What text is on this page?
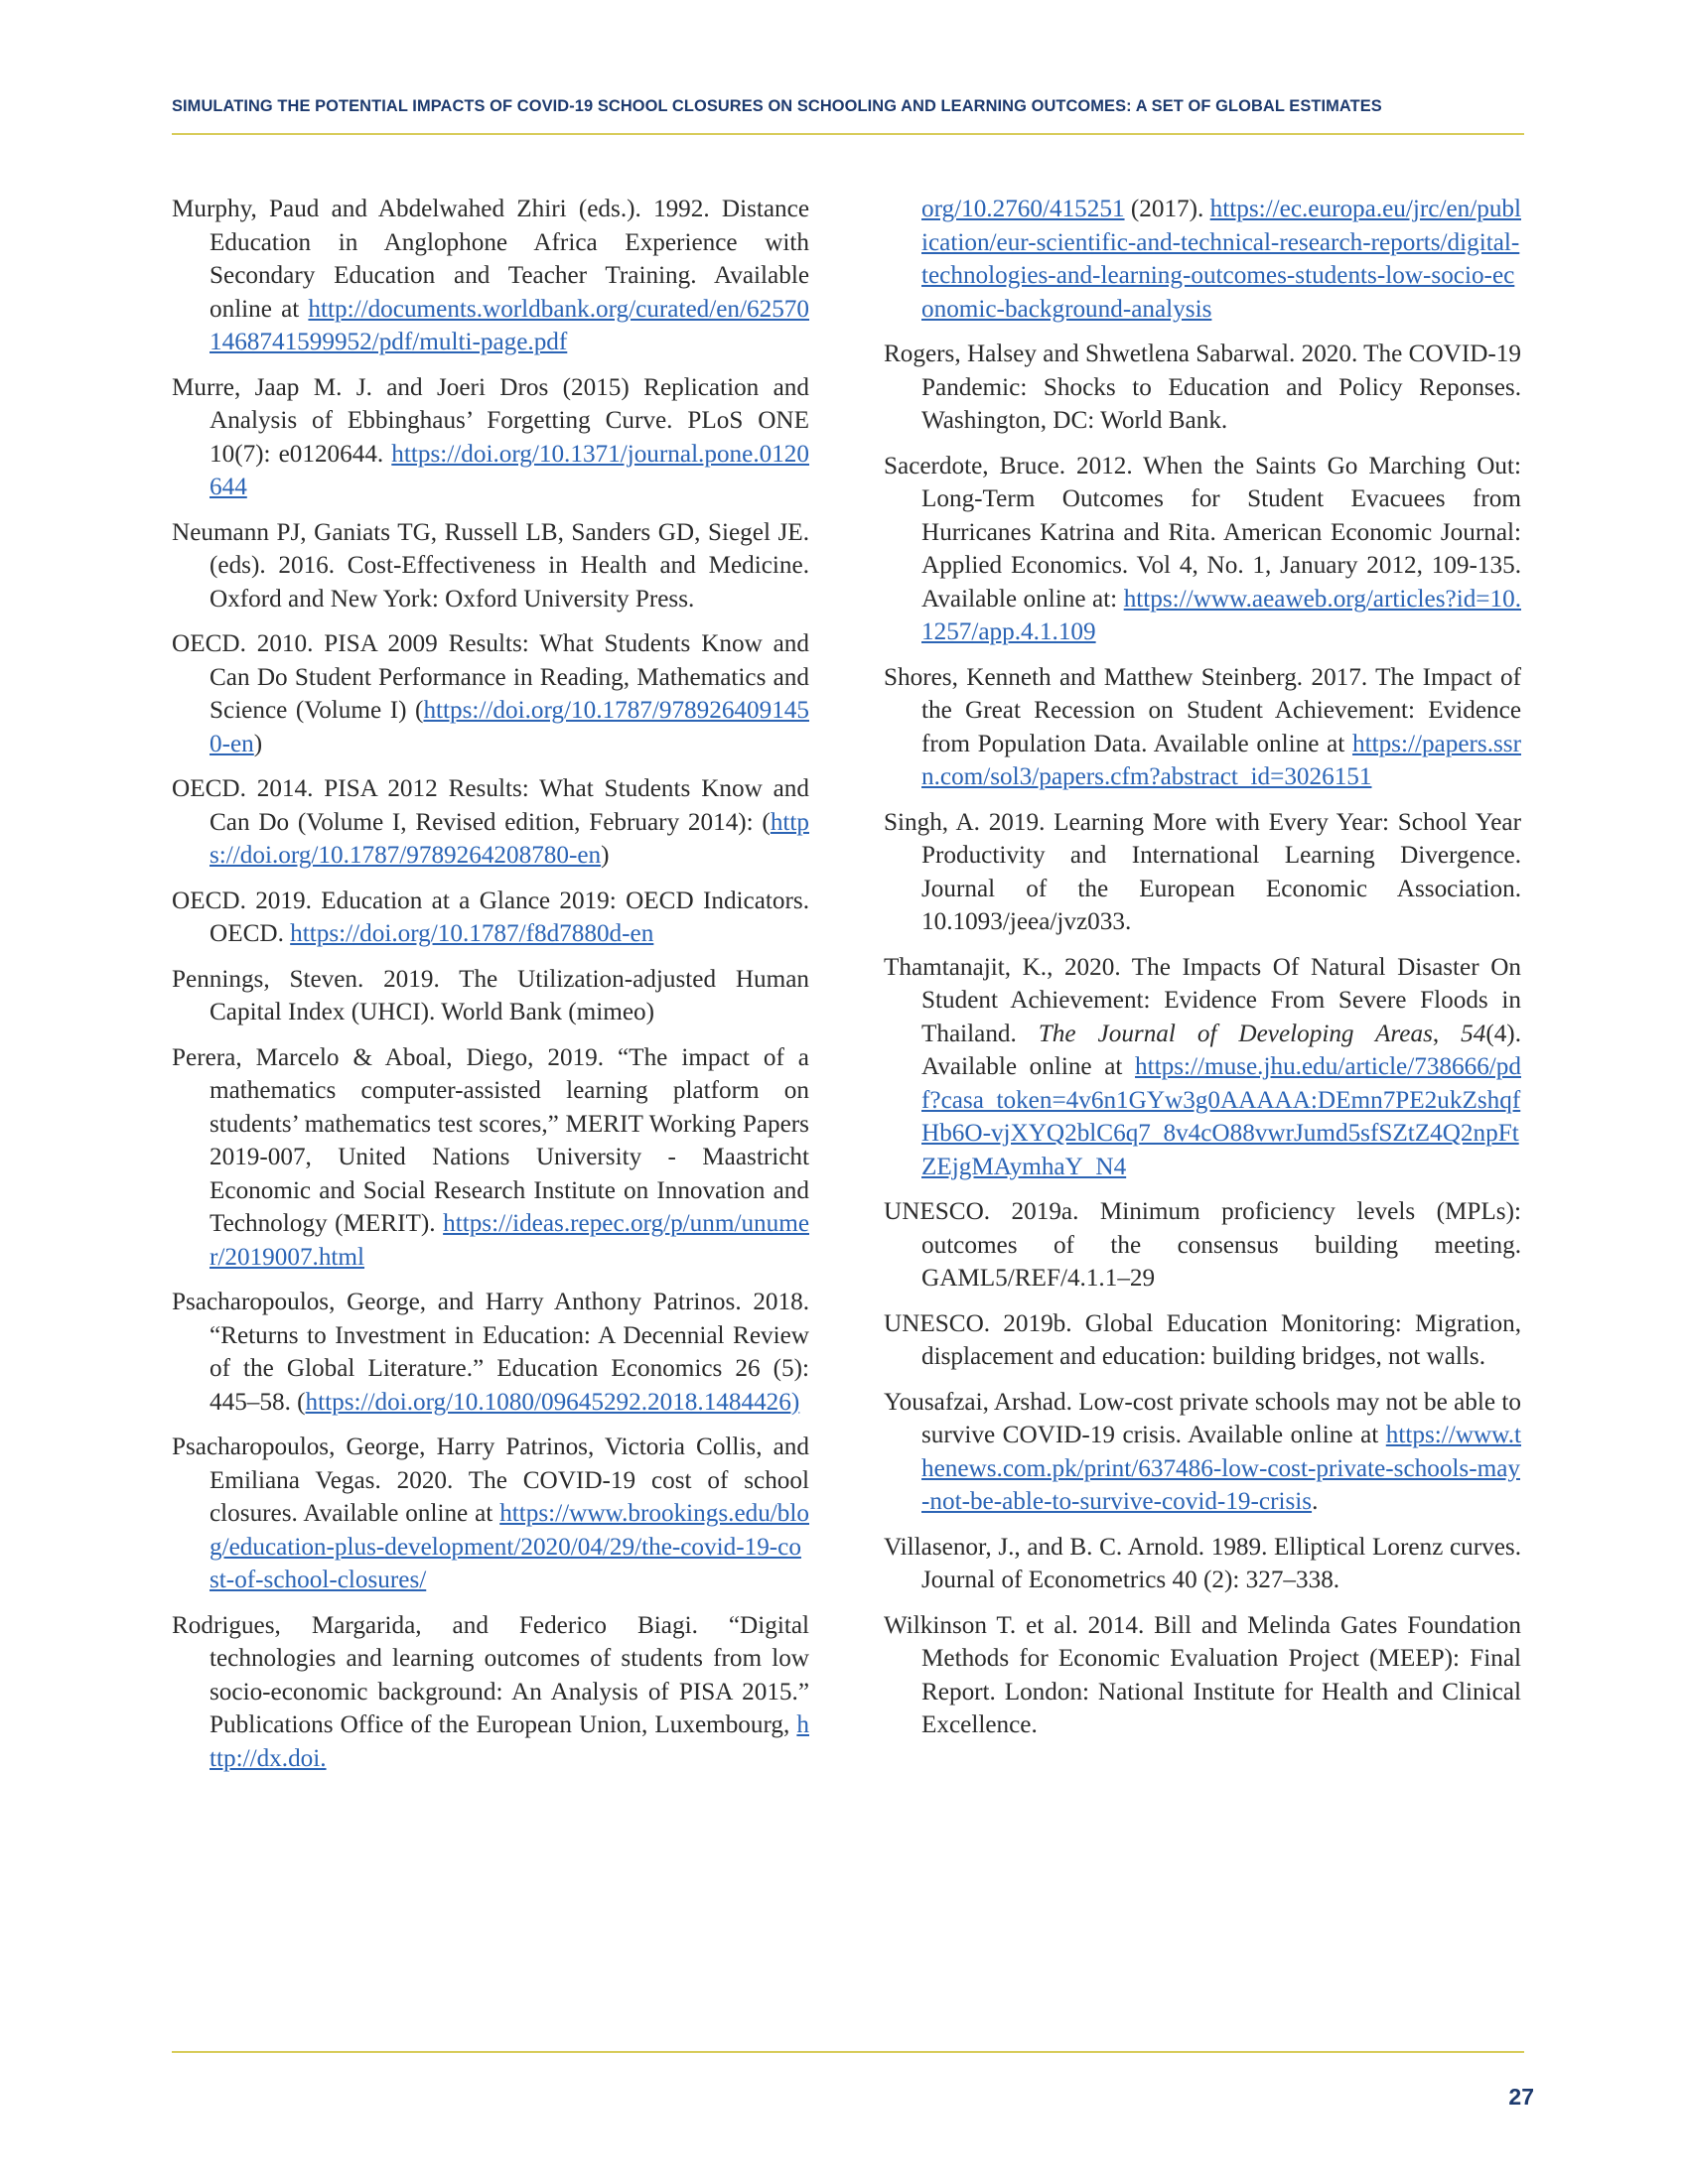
SIMULATING THE POTENTIAL IMPACTS OF COVID-19 SCHOOL CLOSURES ON SCHOOLING AND LEARNING OUTCOMES: A SET OF GLOBAL ESTIMATES

Murphy, Paud and Abdelwahed Zhiri (eds.). 1992. Distance Education in Anglophone Africa Experience with Secondary Education and Teacher Training. Available online at http://documents.worldbank.org/curated/en/625701468741599952/pdf/multi-page.pdf

Murre, Jaap M. J. and Joeri Dros (2015) Replication and Analysis of Ebbinghaus’ Forgetting Curve. PLoS ONE 10(7): e0120644. https://doi.org/10.1371/journal.pone.0120644

Neumann PJ, Ganiats TG, Russell LB, Sanders GD, Siegel JE. (eds). 2016. Cost-Effectiveness in Health and Medicine. Oxford and New York: Oxford University Press.

OECD. 2010. PISA 2009 Results: What Students Know and Can Do Student Performance in Reading, Mathematics and Science (Volume I) (https://doi.org/10.1787/9789264091450-en)

OECD. 2014. PISA 2012 Results: What Students Know and Can Do (Volume I, Revised edition, February 2014): (https://doi.org/10.1787/9789264208780-en)

OECD. 2019. Education at a Glance 2019: OECD Indicators. OECD. https://doi.org/10.1787/f8d7880d-en

Pennings, Steven. 2019. The Utilization-adjusted Human Capital Index (UHCI). World Bank (mimeo)

Perera, Marcelo & Aboal, Diego, 2019. “The impact of a mathematics computer-assisted learning platform on students’ mathematics test scores,” MERIT Working Papers 2019-007, United Nations University - Maastricht Economic and Social Research Institute on Innovation and Technology (MERIT). https://ideas.repec.org/p/unm/unumer/2019007.html

Psacharopoulos, George, and Harry Anthony Patrinos. 2018. “Returns to Investment in Education: A Decennial Review of the Global Literature.” Education Economics 26 (5): 445–58. (https://doi.org/10.1080/09645292.2018.1484426)

Psacharopoulos, George, Harry Patrinos, Victoria Collis, and Emiliana Vegas. 2020. The COVID-19 cost of school closures. Available online at https://www.brookings.edu/blog/education-plus-development/2020/04/29/the-covid-19-cost-of-school-closures/

Rodrigues, Margarida, and Federico Biagi. “Digital technologies and learning outcomes of students from low socio-economic background: An Analysis of PISA 2015.” Publications Office of the European Union, Luxembourg, http://dx.doi.

org/10.2760/415251 (2017). https://ec.europa.eu/jrc/en/publication/eur-scientific-and-technical-research-reports/digital-technologies-and-learning-outcomes-students-low-socio-economic-background-analysis

Rogers, Halsey and Shwetlena Sabarwal. 2020. The COVID-19 Pandemic: Shocks to Education and Policy Reponses. Washington, DC: World Bank.

Sacerdote, Bruce. 2012. When the Saints Go Marching Out: Long-Term Outcomes for Student Evacuees from Hurricanes Katrina and Rita. American Economic Journal: Applied Economics. Vol 4, No. 1, January 2012, 109-135. Available online at: https://www.aeaweb.org/articles?id=10.1257/app.4.1.109

Shores, Kenneth and Matthew Steinberg. 2017. The Impact of the Great Recession on Student Achievement: Evidence from Population Data. Available online at https://papers.ssrn.com/sol3/papers.cfm?abstract_id=3026151

Singh, A. 2019. Learning More with Every Year: School Year Productivity and International Learning Divergence. Journal of the European Economic Association. 10.1093/jeea/jvz033.

Thamtanajit, K., 2020. The Impacts Of Natural Disaster On Student Achievement: Evidence From Severe Floods in Thailand. The Journal of Developing Areas, 54(4). Available online at https://muse.jhu.edu/article/738666/pdf?casa_token=4v6n1GYw3g0AAAAA:DEmn7PE2ukZshqfHb6O-vjXYQ2blC6q7_8v4cO88vwrJumd5sfSZtZ4Q2npFtZEjgMAymhaY_N4

UNESCO. 2019a. Minimum proficiency levels (MPLs): outcomes of the consensus building meeting. GAML5/REF/4.1.1–29

UNESCO. 2019b. Global Education Monitoring: Migration, displacement and education: building bridges, not walls.

Yousafzai, Arshad. Low-cost private schools may not be able to survive COVID-19 crisis. Available online at https://www.thenews.com.pk/print/637486-low-cost-private-schools-may-not-be-able-to-survive-covid-19-crisis.

Villasenor, J., and B. C. Arnold. 1989. Elliptical Lorenz curves. Journal of Econometrics 40 (2): 327–338.

Wilkinson T. et al. 2014. Bill and Melinda Gates Foundation Methods for Economic Evaluation Project (MEEP): Final Report. London: National Institute for Health and Clinical Excellence.

27
